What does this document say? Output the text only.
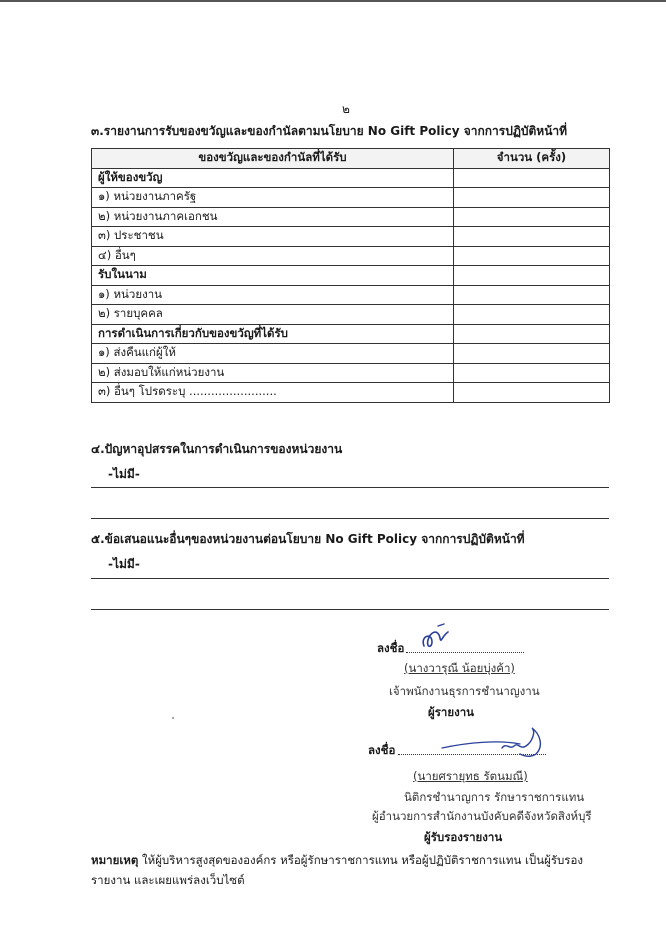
๒
๓.รายงานการรับของขวัญและของกำนัลตามนโยบาย No Gift Policy จากการปฏิบัติหน้าที่
ของขวัญและของกำนัลที่ได้รับ	จำนวน (ครั้ง)
ผู้ให้ของขวัญ	
๑) หน่วยงานภาครัฐ	
๒) หน่วยงานภาคเอกชน	
๓) ประชาชน	
๔) อื่นๆ	
รับในนาม	
๑) หน่วยงาน	
๒) รายบุคคล	
การดำเนินการเกี่ยวกับของขวัญที่ได้รับ	
๑) ส่งคืนแก่ผู้ให้	
๒) ส่งมอบให้แก่หน่วยงาน	
๓) อื่นๆ โปรดระบุ ........................	
๔.ปัญหาอุปสรรคในการดำเนินการของหน่วยงาน
-ไม่มี-
๕.ข้อเสนอแนะอื่นๆของหน่วยงานต่อนโยบาย No Gift Policy จากการปฏิบัติหน้าที่
-ไม่มี-
ลงชื่อ
(นางวารุณี น้อยบุ่งค้า)
เจ้าพนักงานธุรการชำนาญงาน
ผู้รายงาน
ลงชื่อ
(นายศรายุทธ รัตนมณี)
นิติกรชำนาญการ รักษาราชการแทน
ผู้อำนวยการสำนักงานบังคับคดีจังหวัดสิงห์บุรี
ผู้รับรองรายงาน
หมายเหตุ ให้ผู้บริหารสูงสุดขององค์กร หรือผู้รักษาราชการแทน หรือผู้ปฏิบัติราชการแทน เป็นผู้รับรองรายงาน และเผยแพร่ลงเว็บไซต์
